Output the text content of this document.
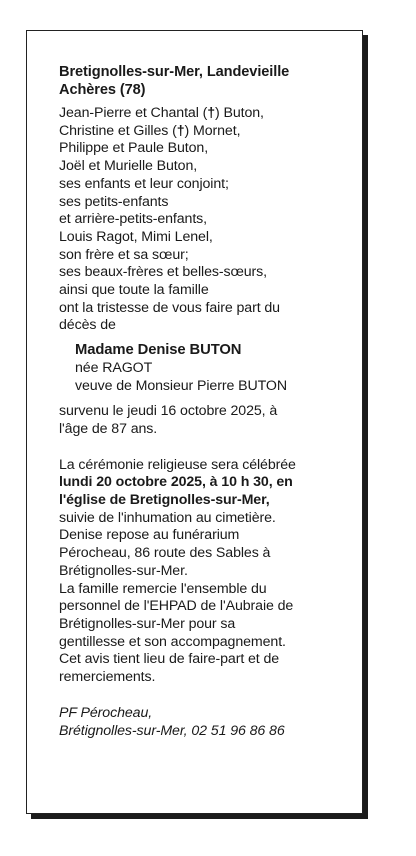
Bretignolles-sur-Mer, Landevieille
Achères (78)
Jean-Pierre et Chantal (†) Buton,
Christine et Gilles (†) Mornet,
Philippe et Paule Buton,
Joël et Murielle Buton,
ses enfants et leur conjoint;
ses petits-enfants
et arrière-petits-enfants,
Louis Ragot, Mimi Lenel,
son frère et sa sœur;
ses beaux-frères et belles-sœurs,
ainsi que toute la famille
ont la tristesse de vous faire part du
décès de
Madame Denise BUTON
née RAGOT
veuve de Monsieur Pierre BUTON
survenu le jeudi 16 octobre 2025, à
l'âge de 87 ans.
La cérémonie religieuse sera célébrée
lundi 20 octobre 2025, à 10 h 30, en
l'église de Bretignolles-sur-Mer,
suivie de l'inhumation au cimetière.
Denise repose au funérarium
Pérocheau, 86 route des Sables à
Brétignolles-sur-Mer.
La famille remercie l'ensemble du
personnel de l'EHPAD de l'Aubraie de
Brétignolles-sur-Mer pour sa
gentillesse et son accompagnement.
Cet avis tient lieu de faire-part et de
remerciements.
PF Pérocheau,
Brétignolles-sur-Mer, 02 51 96 86 86
